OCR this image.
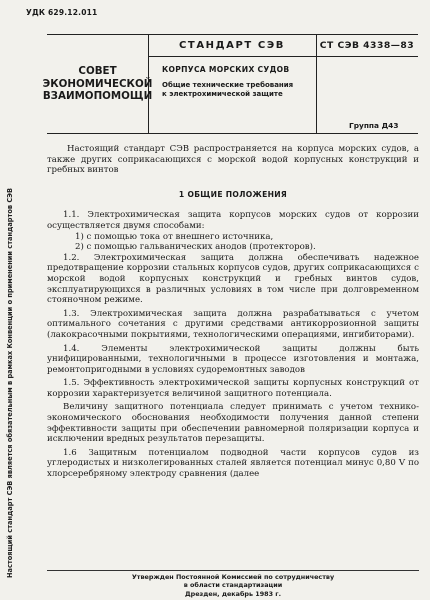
УДК 629.12.011
Настоящий стандарт СЭВ является обязательным в рамках Конвенции о применении стандартов СЭВ
СОВЕТ
ЭКОНОМИЧЕСКОЙ
ВЗАИМОПОМОЩИ
СТАНДАРТ СЭВ
КОРПУСА МОРСКИХ СУДОВ
Общие технические требования
к электрохимической защите
СТ СЭВ 4338—83
Группа Д43

Настоящий стандарт СЭВ распространяется на корпуса морских судов, а также других соприкасающихся с морской водой корпусных конструкций и гребных винтов

1 ОБЩИЕ ПОЛОЖЕНИЯ

1.1. Электрохимическая защита корпусов морских судов от коррозии осуществляется двумя способами:

1) с помощью тока от внешнего источника,

2) с помощью гальванических анодов (протекторов).

1.2. Электрохимическая защита должна обеспечивать надежное предотвращение коррозии стальных корпусов судов, других соприкасающихся с морской водой корпусных конструкций и гребных винтов судов, эксплуатирующихся в различных условиях в том числе при долговременном стояночном режиме.

1.3. Электрохимическая защита должна разрабатываться с учетом оптимального сочетания с другими средствами антикоррозионной защиты (лакокрасочными покрытиями, технологическими операциями, ингибиторами).

1.4. Элементы электрохимической защиты должны быть унифицированными, технологичными в процессе изготовления и монтажа, ремонтопригодными в условиях судоремонтных заводов

1.5. Эффективность электрохимической защиты корпусных конструкций от коррозии характеризуется величиной защитного потенциала.

Величину защитного потенциала следует принимать с учетом технико-экономического обоснования необходимости получения данной степени эффективности защиты при обеспечении равномерной поляризации корпуса и исключении вредных результатов перезащиты.

1.6 Защитным потенциалом подводной части корпусов судов из углеродистых и низколегированных сталей является потенциал минус 0,80 V по хлорсеребряному электроду сравнения (далее

Утвержден Постоянной Комиссией по сотрудничеству
в области стандартизации
Дрезден, декабрь 1983 г.
